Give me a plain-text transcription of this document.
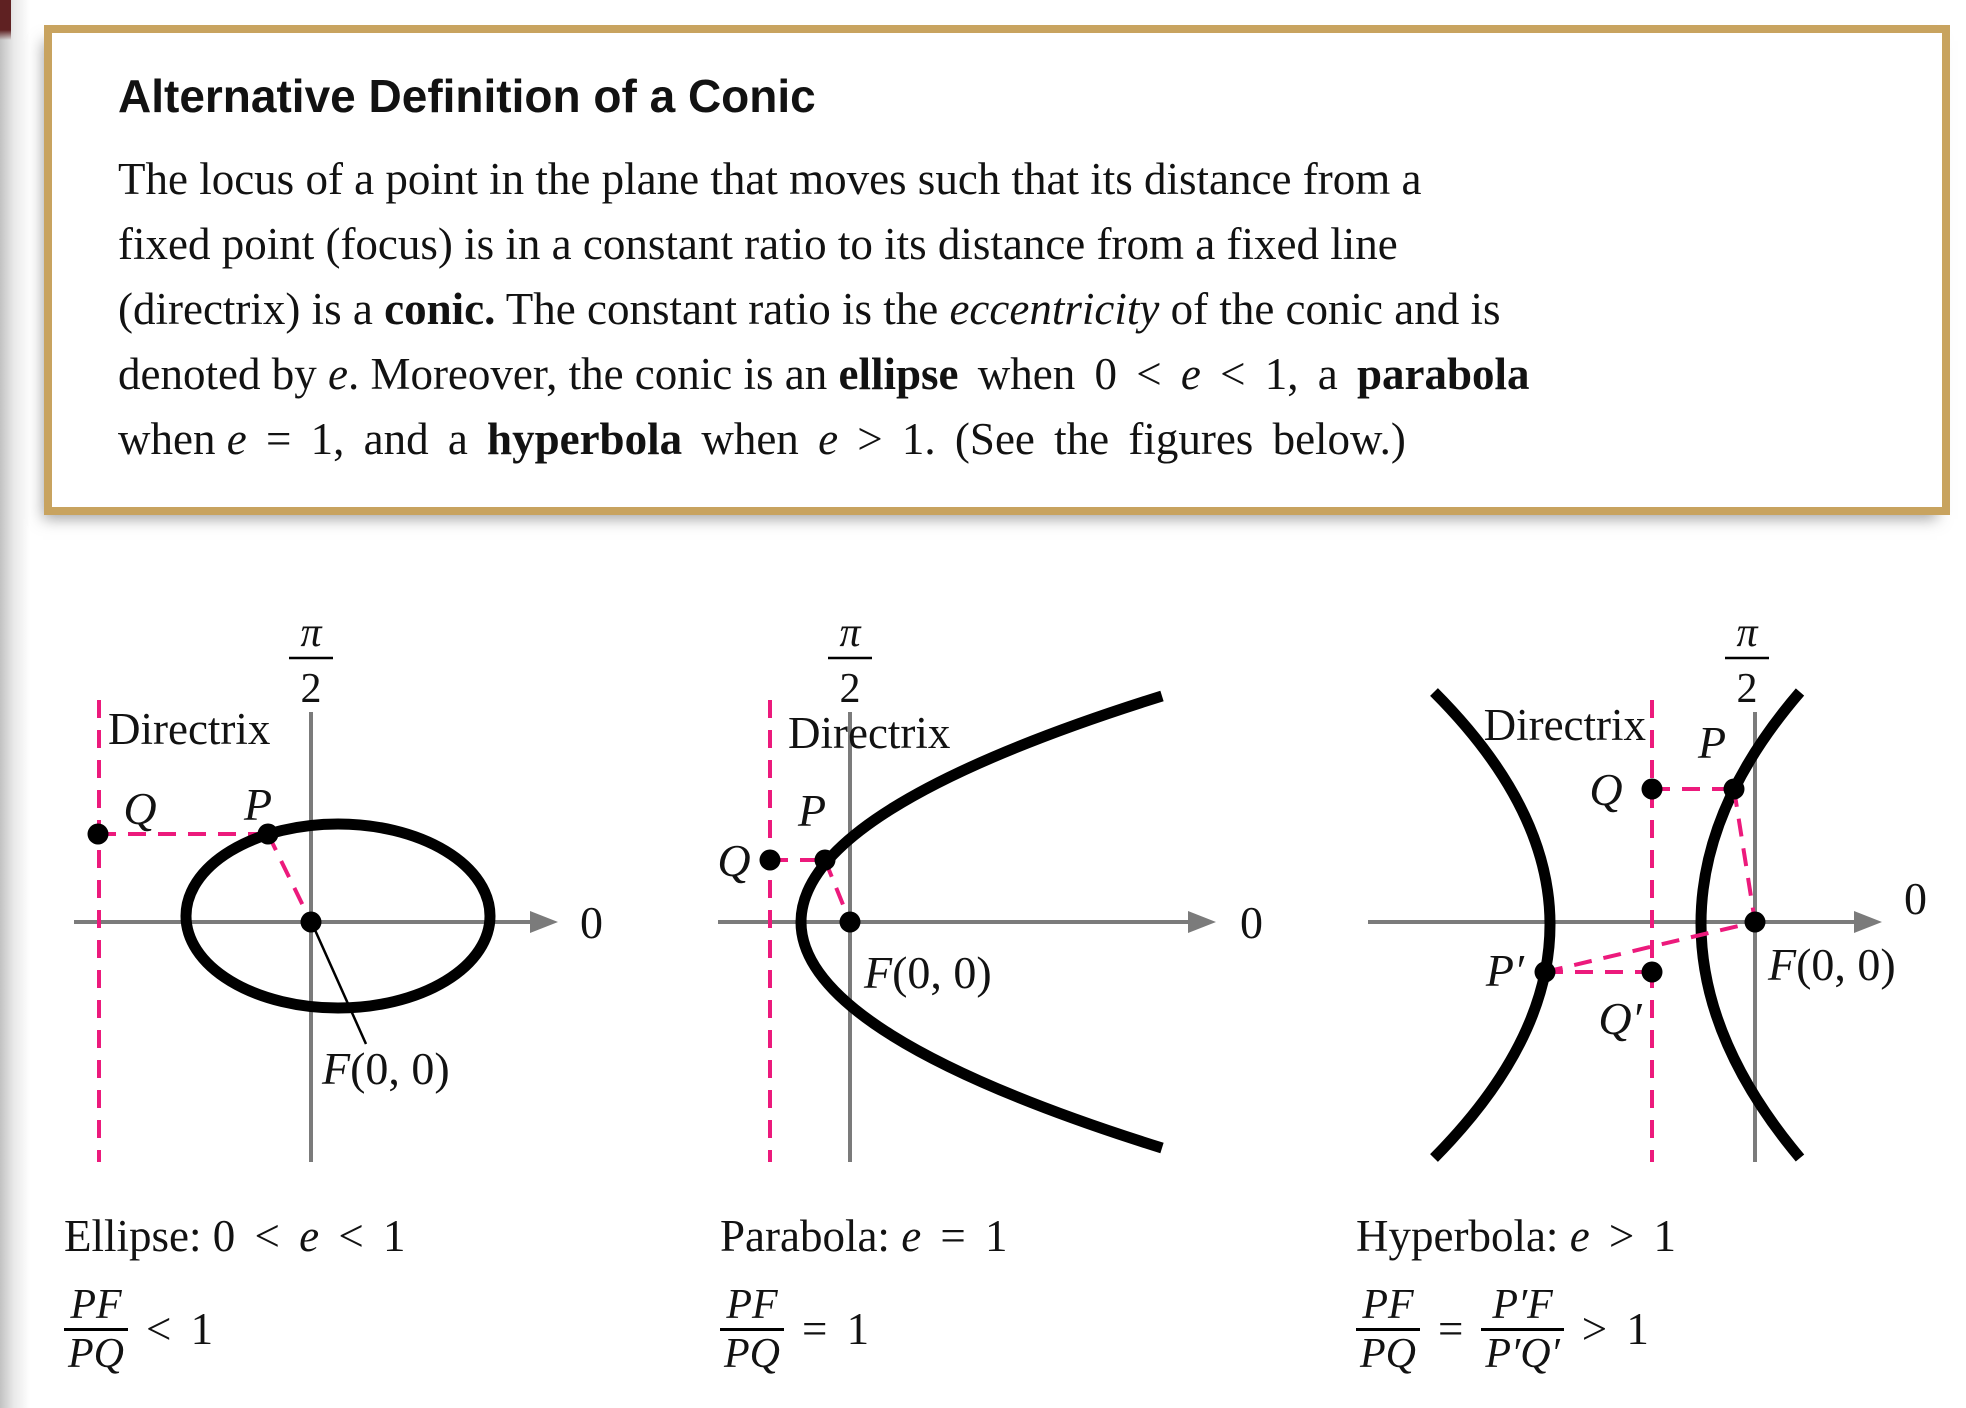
Alternative Definition of a Conic
The locus of a point in the plane that moves such that its distance from a
fixed point (focus) is in a constant ratio to its distance from a fixed line
(directrix) is a conic. The constant ratio is the eccentricity of the conic and is
denoted by e. Moreover, the conic is an ellipse when 0 < e < 1, a parabola
when e = 1, and a hyperbola when e > 1. (See the figures below.)
0
π
2
Directrix
Q P
F(0, 0)
0
π
2
Directrix
Q
P
F(0, 0)
0
π
2
Directrix
Q
P
P′
Q′
F(0, 0)
Ellipse: 0 < e < 1
$\frac{PF}{PQ} < 1$
Parabola: e = 1
$\frac{PF}{PQ} = 1$
Hyperbola: e > 1
$\frac{PF}{PQ} = \frac{P'F}{P'Q'} > 1$
